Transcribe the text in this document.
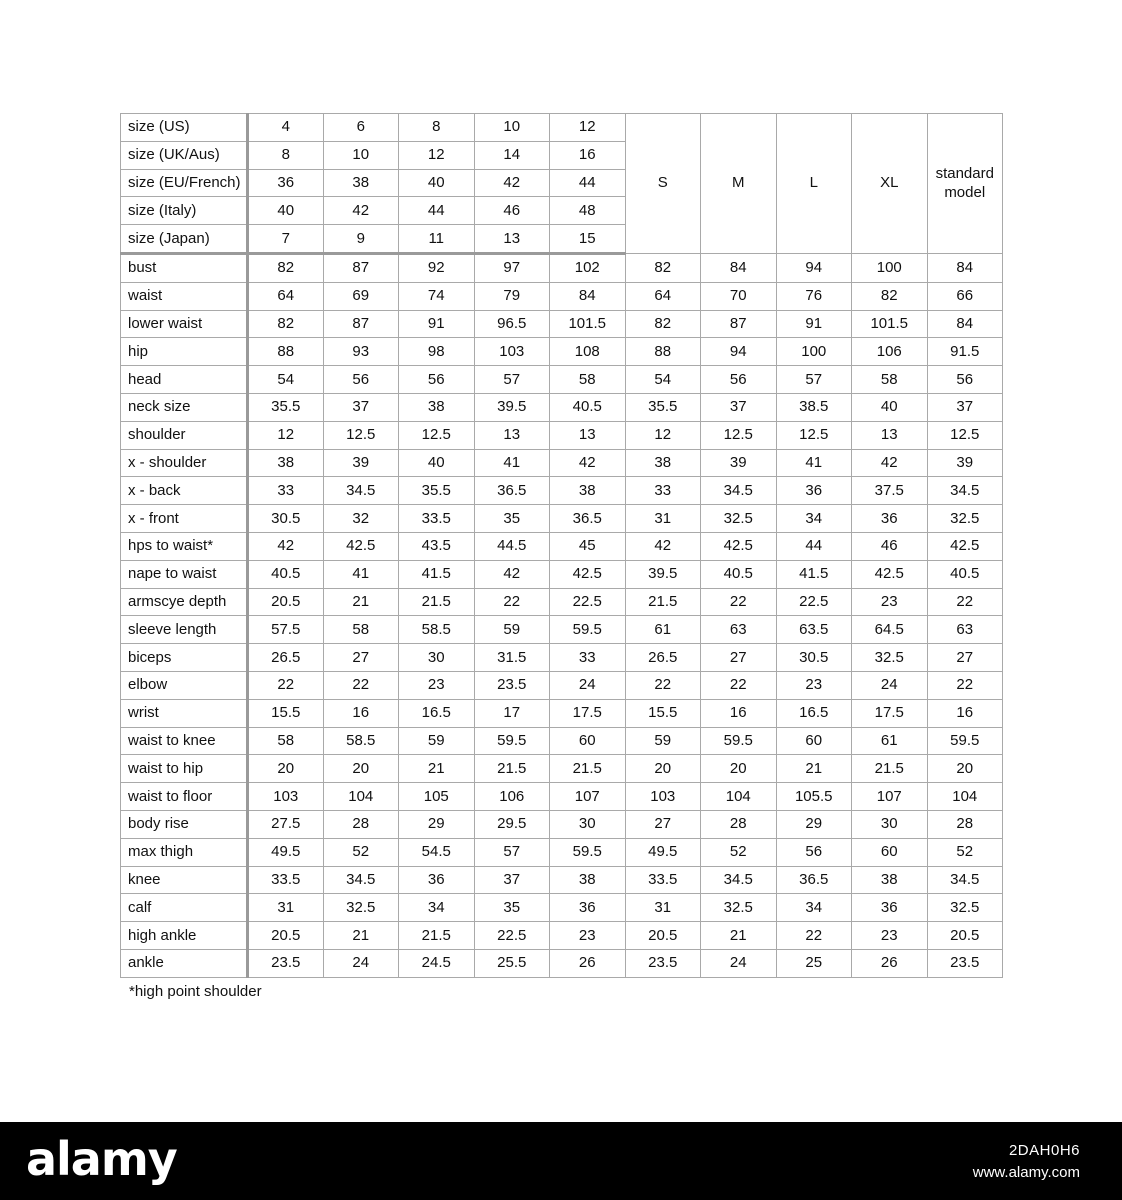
size (US)	4	6	8	10	12	S	M	L	XL	standard
model
size (UK/Aus)	8	10	12	14	16					
size (EU/French)	36	38	40	42	44					
size (Italy)	40	42	44	46	48					
size (Japan)	7	9	11	13	15					
bust	82	87	92	97	102	82	84	94	100	84
waist	64	69	74	79	84	64	70	76	82	66
lower waist	82	87	91	96.5	101.5	82	87	91	101.5	84
hip	88	93	98	103	108	88	94	100	106	91.5
head	54	56	56	57	58	54	56	57	58	56
neck size	35.5	37	38	39.5	40.5	35.5	37	38.5	40	37
shoulder	12	12.5	12.5	13	13	12	12.5	12.5	13	12.5
x - shoulder	38	39	40	41	42	38	39	41	42	39
x - back	33	34.5	35.5	36.5	38	33	34.5	36	37.5	34.5
x - front	30.5	32	33.5	35	36.5	31	32.5	34	36	32.5
hps to waist*	42	42.5	43.5	44.5	45	42	42.5	44	46	42.5
nape to waist	40.5	41	41.5	42	42.5	39.5	40.5	41.5	42.5	40.5
armscye depth	20.5	21	21.5	22	22.5	21.5	22	22.5	23	22
sleeve length	57.5	58	58.5	59	59.5	61	63	63.5	64.5	63
biceps	26.5	27	30	31.5	33	26.5	27	30.5	32.5	27
elbow	22	22	23	23.5	24	22	22	23	24	22
wrist	15.5	16	16.5	17	17.5	15.5	16	16.5	17.5	16
waist to knee	58	58.5	59	59.5	60	59	59.5	60	61	59.5
waist to hip	20	20	21	21.5	21.5	20	20	21	21.5	20
waist to floor	103	104	105	106	107	103	104	105.5	107	104
body rise	27.5	28	29	29.5	30	27	28	29	30	28
max thigh	49.5	52	54.5	57	59.5	49.5	52	56	60	52
knee	33.5	34.5	36	37	38	33.5	34.5	36.5	38	34.5
calf	31	32.5	34	35	36	31	32.5	34	36	32.5
high ankle	20.5	21	21.5	22.5	23	20.5	21	22	23	20.5
ankle	23.5	24	24.5	25.5	26	23.5	24	25	26	23.5
*high point shoulder
alamy	2DAH0H6
www.alamy.com
